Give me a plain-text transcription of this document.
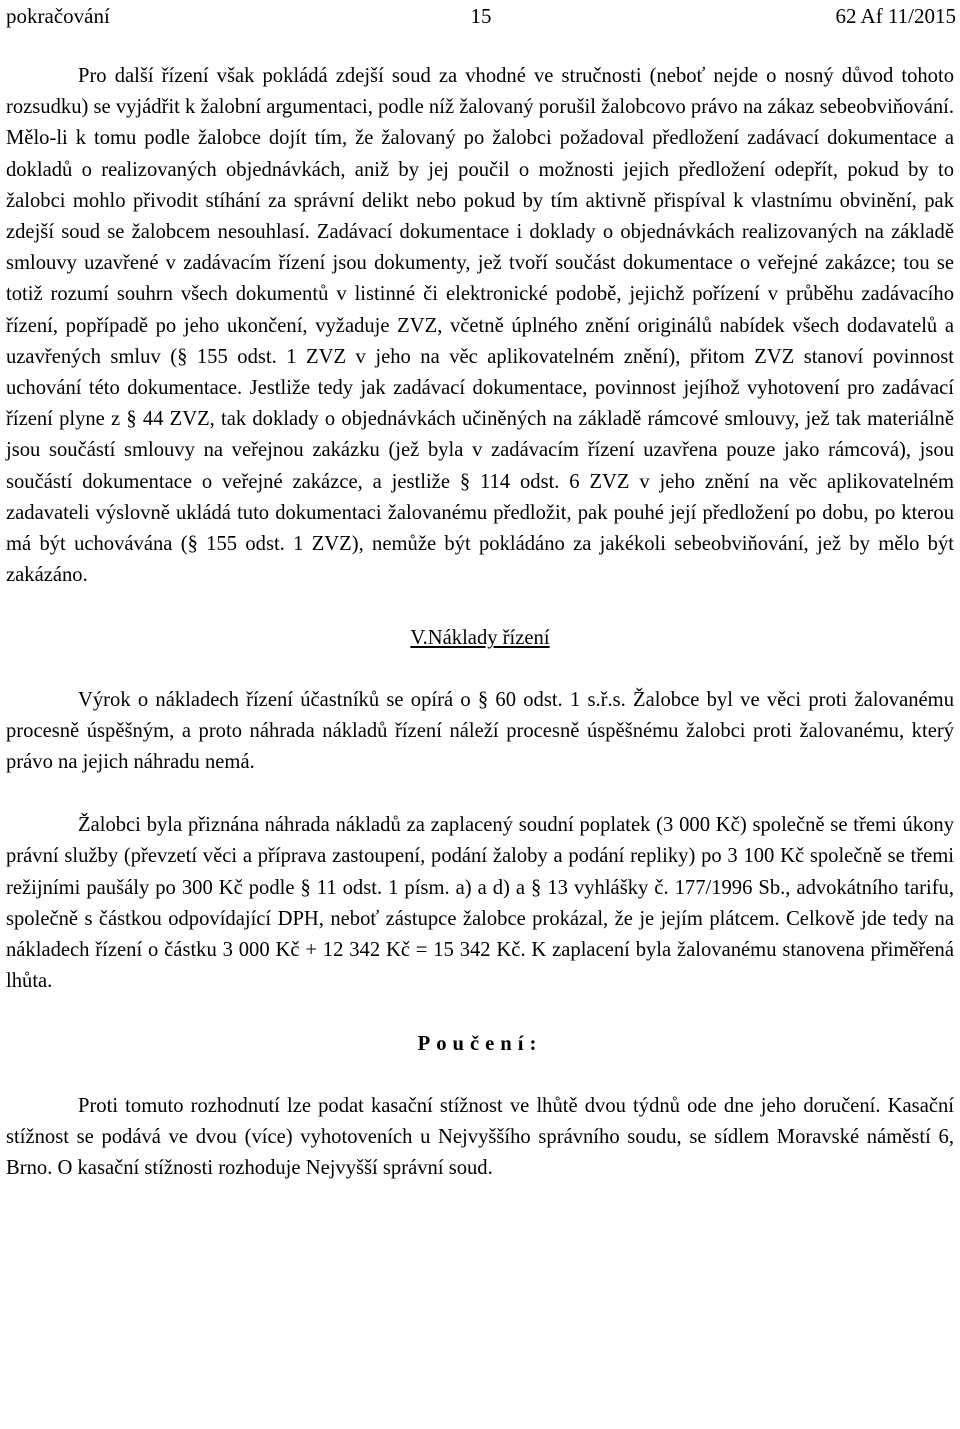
pokračování	15	62 Af 11/2015

Pro další řízení však pokládá zdejší soud za vhodné ve stručnosti (neboť nejde o nosný důvod tohoto rozsudku) se vyjádřit k žalobní argumentaci, podle níž žalovaný porušil žalobcovo právo na zákaz sebeobviňování. Mělo-li k tomu podle žalobce dojít tím, že žalovaný po žalobci požadoval předložení zadávací dokumentace a dokladů o realizovaných objednávkách, aniž by jej poučil o možnosti jejich předložení odepřít, pokud by to žalobci mohlo přivodit stíhání za správní delikt nebo pokud by tím aktivně přispíval k vlastnímu obvinění, pak zdejší soud se žalobcem nesouhlasí. Zadávací dokumentace i doklady o objednávkách realizovaných na základě smlouvy uzavřené v zadávacím řízení jsou dokumenty, jež tvoří součást dokumentace o veřejné zakázce; tou se totiž rozumí souhrn všech dokumentů v listinné či elektronické podobě, jejichž pořízení v průběhu zadávacího řízení, popřípadě po jeho ukončení, vyžaduje ZVZ, včetně úplného znění originálů nabídek všech dodavatelů a uzavřených smluv (§ 155 odst. 1 ZVZ v jeho na věc aplikovatelném znění), přitom ZVZ stanoví povinnost uchování této dokumentace. Jestliže tedy jak zadávací dokumentace, povinnost jejíhož vyhotovení pro zadávací řízení plyne z § 44 ZVZ, tak doklady o objednávkách učiněných na základě rámcové smlouvy, jež tak materiálně jsou součástí smlouvy na veřejnou zakázku (jež byla v zadávacím řízení uzavřena pouze jako rámcová), jsou součástí dokumentace o veřejné zakázce, a jestliže § 114 odst. 6 ZVZ v jeho znění na věc aplikovatelném zadavateli výslovně ukládá tuto dokumentaci žalovanému předložit, pak pouhé její předložení po dobu, po kterou má být uchovávána (§ 155 odst. 1 ZVZ), nemůže být pokládáno za jakékoli sebeobviňování, jež by mělo být zakázáno.

V.Náklady řízení

Výrok o nákladech řízení účastníků se opírá o § 60 odst. 1 s.ř.s. Žalobce byl ve věci proti žalovanému procesně úspěšným, a proto náhrada nákladů řízení náleží procesně úspěšnému žalobci proti žalovanému, který právo na jejich náhradu nemá.

Žalobci byla přiznána náhrada nákladů za zaplacený soudní poplatek (3 000 Kč) společně se třemi úkony právní služby (převzetí věci a příprava zastoupení, podání žaloby a podání repliky) po 3 100 Kč společně se třemi režijními paušály po 300 Kč podle § 11 odst. 1 písm. a) a d) a § 13 vyhlášky č. 177/1996 Sb., advokátního tarifu, společně s částkou odpovídající DPH, neboť zástupce žalobce prokázal, že je jejím plátcem. Celkově jde tedy na nákladech řízení o částku 3 000 Kč + 12 342 Kč = 15 342 Kč. K zaplacení byla žalovanému stanovena přiměřená lhůta.

Poučení:

Proti tomuto rozhodnutí lze podat kasační stížnost ve lhůtě dvou týdnů ode dne jeho doručení. Kasační stížnost se podává ve dvou (více) vyhotoveních u Nejvyššího správního soudu, se sídlem Moravské náměstí 6, Brno. O kasační stížnosti rozhoduje Nejvyšší správní soud.
